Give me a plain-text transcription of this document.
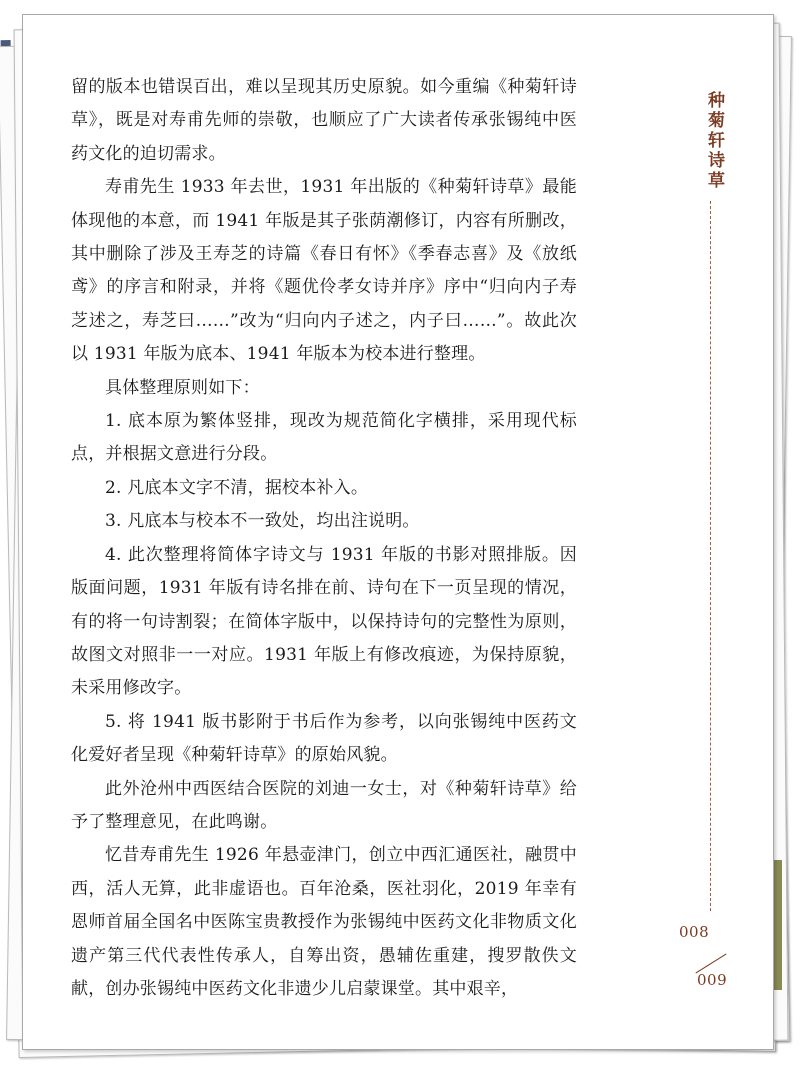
留的版本也错误百出，难以呈现其历史原貌。如今重编《种菊轩诗草》，既是对寿甫先师的崇敬，也顺应了广大读者传承张锡纯中医药文化的迫切需求。

寿甫先生 1933 年去世，1931 年出版的《种菊轩诗草》最能体现他的本意，而 1941 年版是其子张荫潮修订，内容有所删改，其中删除了涉及王寿芝的诗篇《春日有怀》《季春志喜》及《放纸鸢》的序言和附录，并将《题优伶孝女诗并序》序中“归向内子寿芝述之，寿芝曰……”改为“归向内子述之，内子曰……”。故此次以 1931 年版为底本、1941 年版本为校本进行整理。

具体整理原则如下：

1. 底本原为繁体竖排，现改为规范简化字横排，采用现代标点，并根据文意进行分段。

2. 凡底本文字不清，据校本补入。

3. 凡底本与校本不一致处，均出注说明。

4. 此次整理将简体字诗文与 1931 年版的书影对照排版。因版面问题，1931 年版有诗名排在前、诗句在下一页呈现的情况，有的将一句诗割裂；在简体字版中，以保持诗句的完整性为原则，故图文对照非一一对应。1931 年版上有修改痕迹，为保持原貌，未采用修改字。

5. 将 1941 版书影附于书后作为参考，以向张锡纯中医药文化爱好者呈现《种菊轩诗草》的原始风貌。

此外沧州中西医结合医院的刘迪一女士，对《种菊轩诗草》给予了整理意见，在此鸣谢。

忆昔寿甫先生 1926 年悬壶津门，创立中西汇通医社，融贯中西，活人无算，此非虚语也。百年沧桑，医社羽化，2019 年幸有恩师首届全国名中医陈宝贵教授作为张锡纯中医药文化非物质文化遗产第三代代表性传承人，自筹出资，愚辅佐重建，搜罗散佚文献，创办张锡纯中医药文化非遗少儿启蒙课堂。其中艰辛，

种菊轩诗草
008
009
